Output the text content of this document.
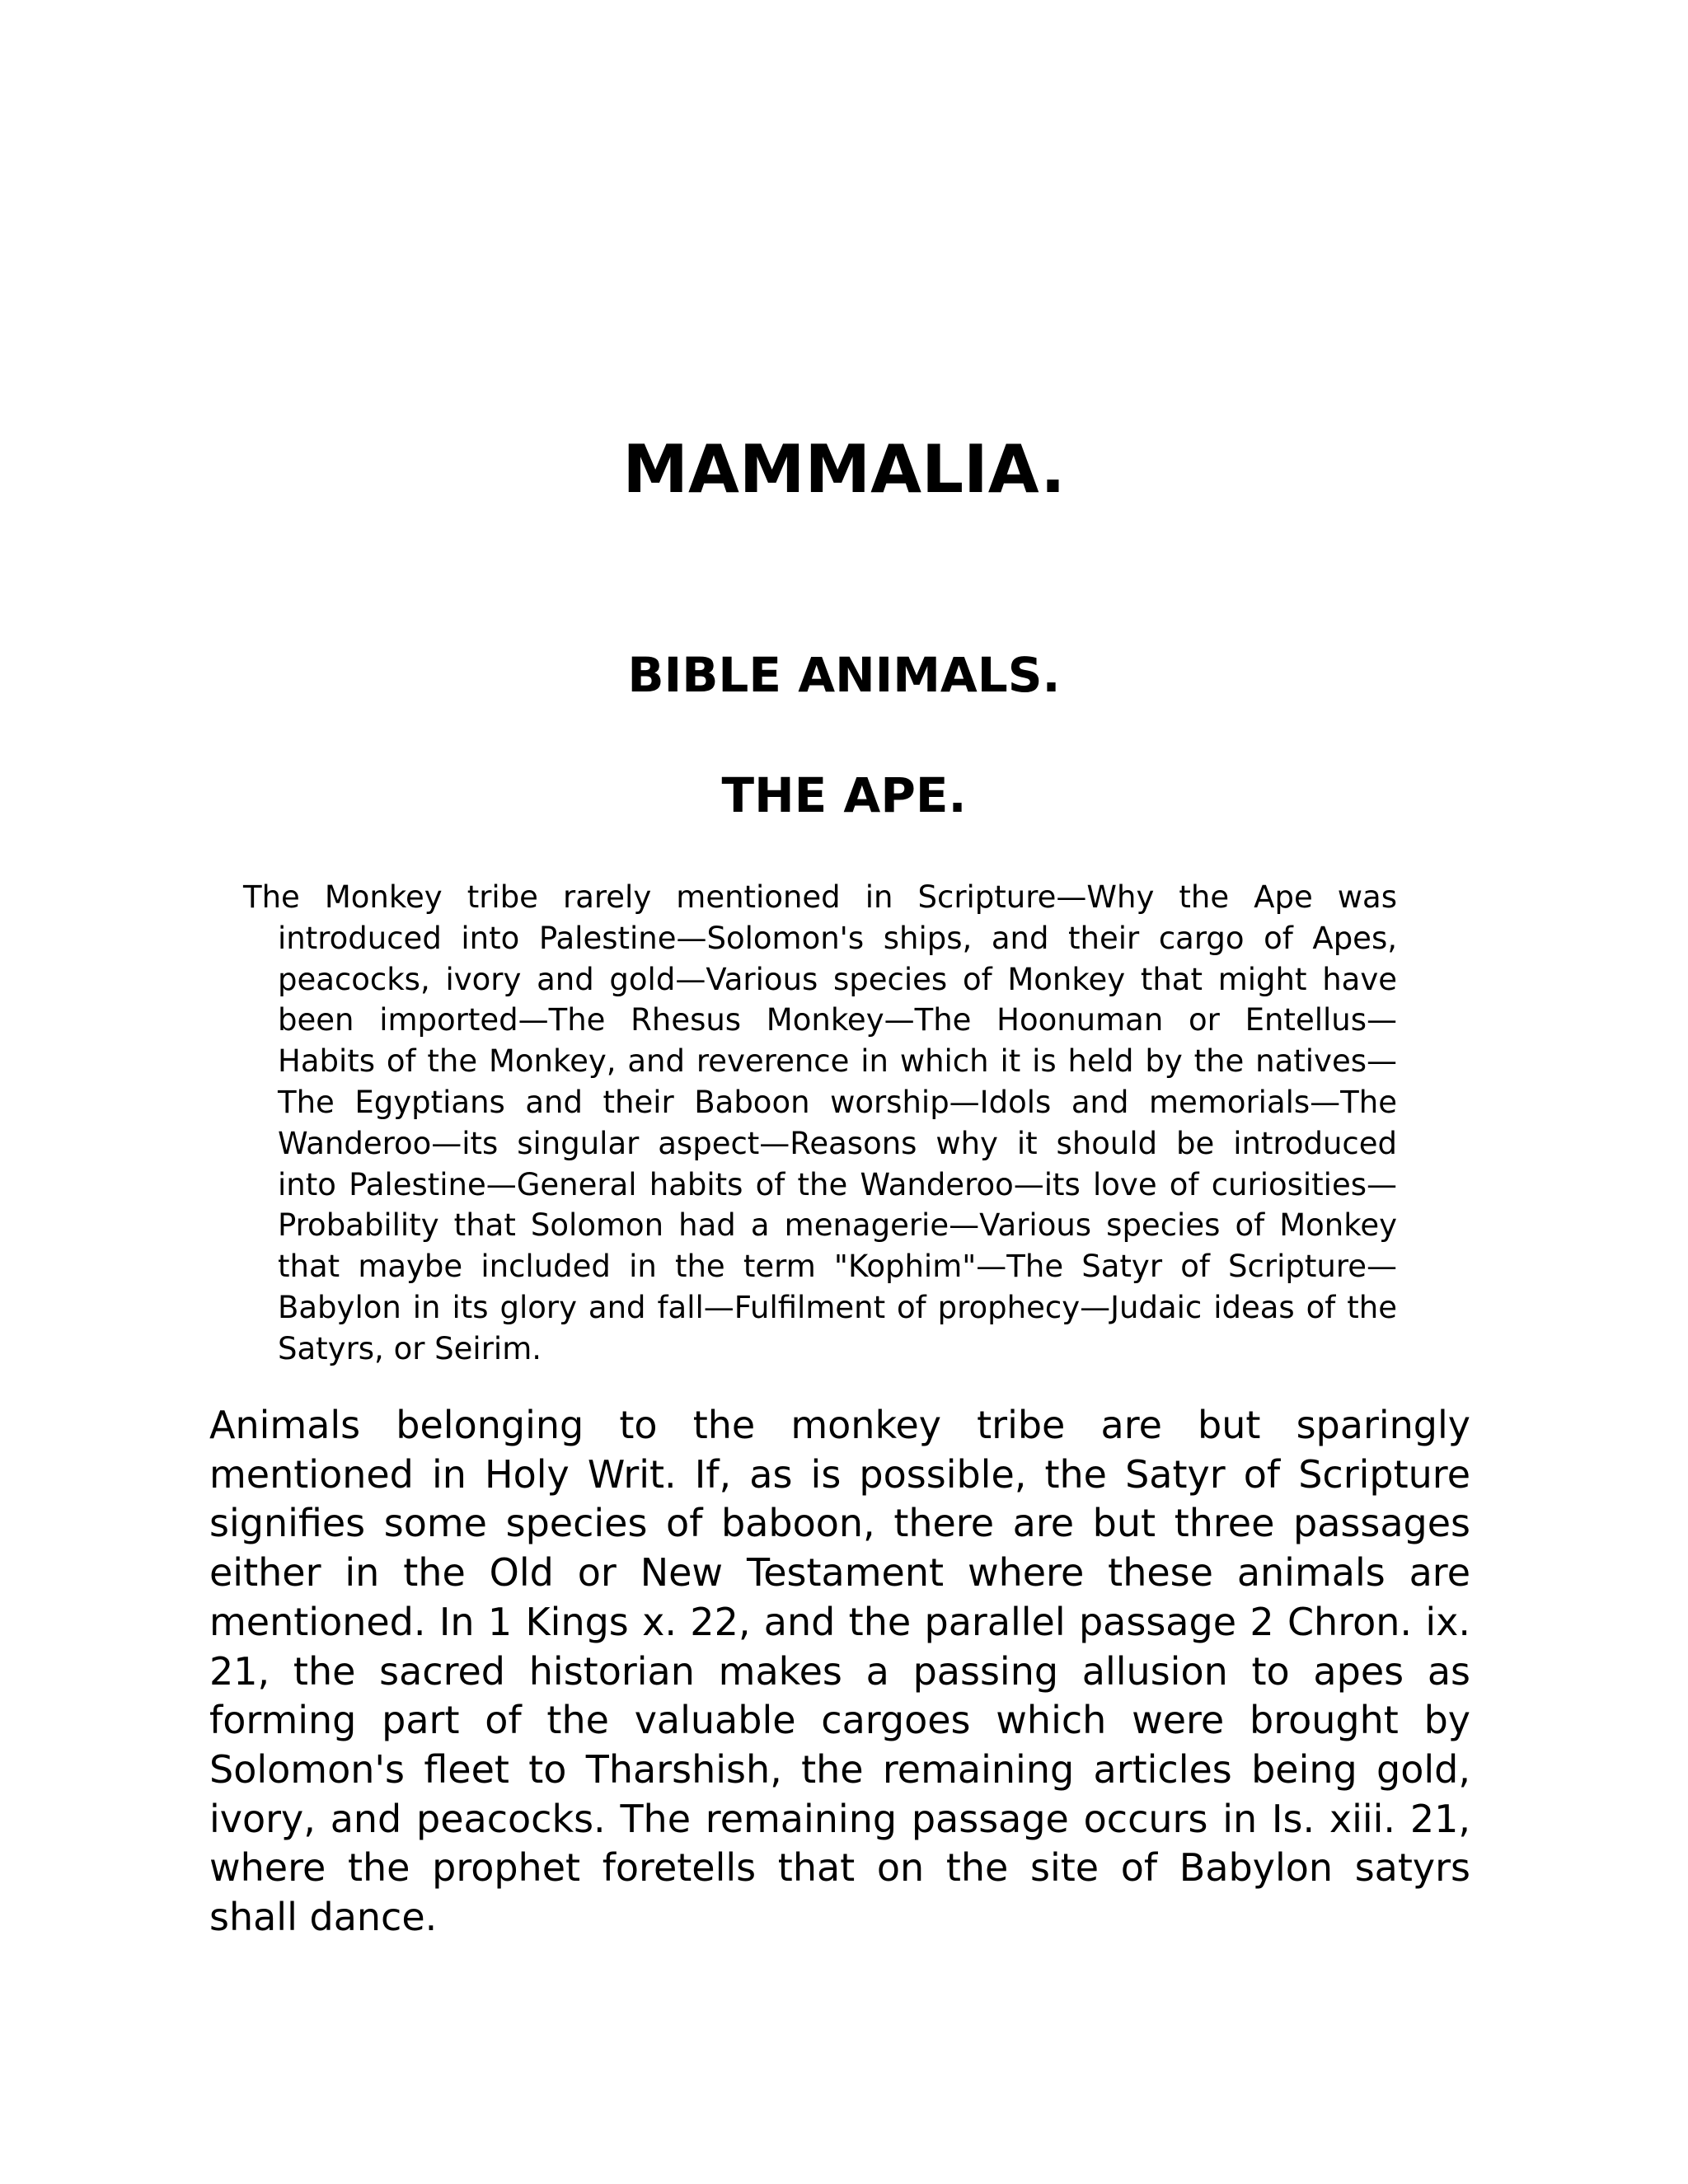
MAMMALIA.
BIBLE ANIMALS.
THE APE.

The Monkey tribe rarely mentioned in Scripture—Why the Ape was introduced into Palestine—Solomon's ships, and their cargo of Apes, peacocks, ivory and gold—Various species of Monkey that might have been imported—The Rhesus Monkey—The Hoonuman or Entellus—Habits of the Monkey, and reverence in which it is held by the natives—The Egyptians and their Baboon worship—Idols and memorials—The Wanderoo—its singular aspect—Reasons why it should be introduced into Palestine—General habits of the Wanderoo—its love of curiosities—Probability that Solomon had a menagerie—Various species of Monkey that maybe included in the term "Kophim"—The Satyr of Scripture—Babylon in its glory and fall—Fulfilment of prophecy—Judaic ideas of the Satyrs, or Seirim.

Animals belonging to the monkey tribe are but sparingly mentioned in Holy Writ. If, as is possible, the Satyr of Scripture signifies some species of baboon, there are but three passages either in the Old or New Testament where these animals are mentioned. In 1 Kings x. 22, and the parallel passage 2 Chron. ix. 21, the sacred historian makes a passing allusion to apes as forming part of the valuable cargoes which were brought by Solomon's fleet to Tharshish, the remaining articles being gold, ivory, and peacocks. The remaining passage occurs in Is. xiii. 21, where the prophet foretells that on the site of Babylon satyrs shall dance.
